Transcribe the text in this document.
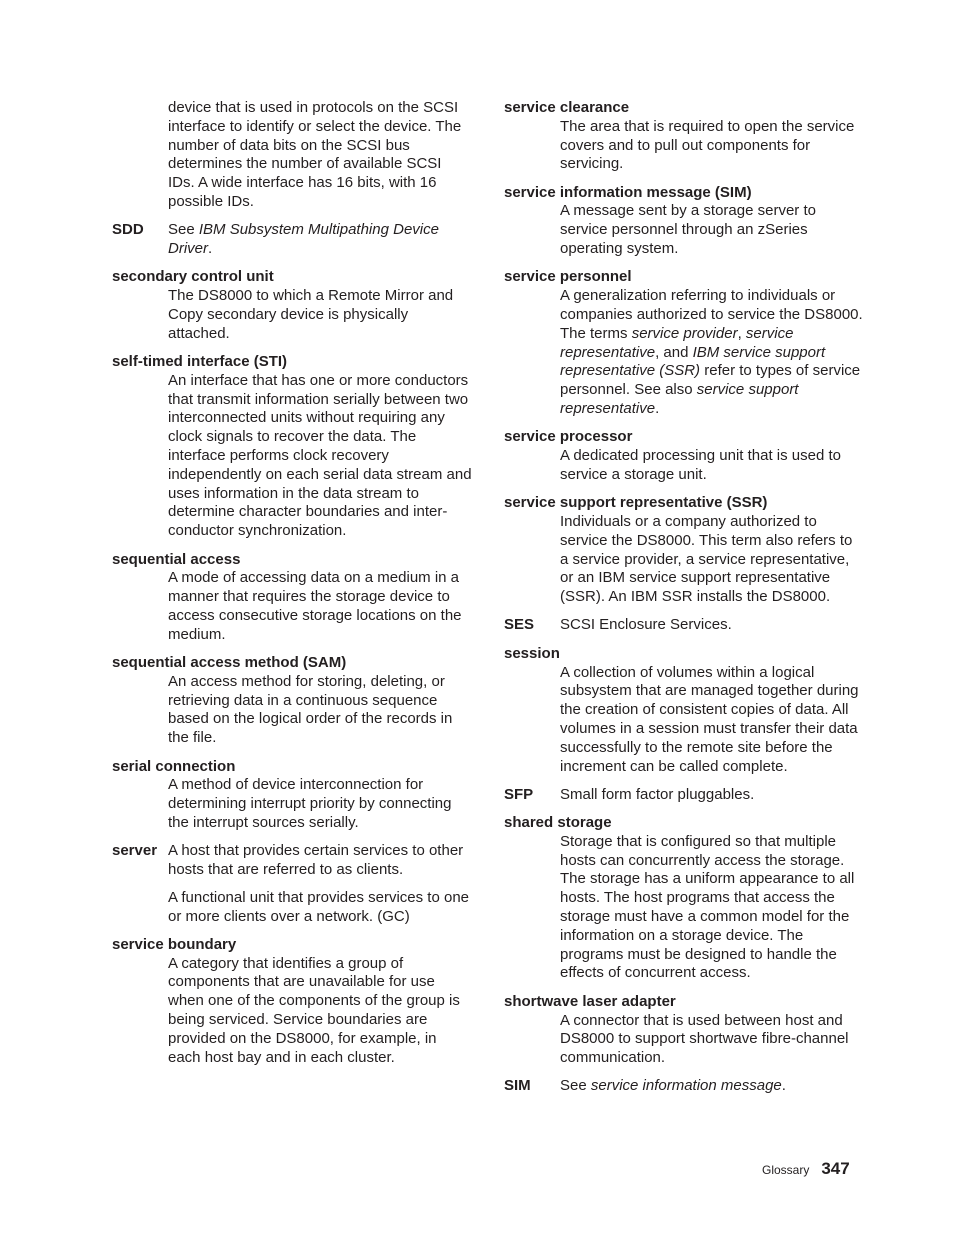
device that is used in protocols on the SCSI interface to identify or select the device. The number of data bits on the SCSI bus determines the number of available SCSI IDs. A wide interface has 16 bits, with 16 possible IDs.
SDD	See IBM Subsystem Multipathing Device Driver.
secondary control unit
The DS8000 to which a Remote Mirror and Copy secondary device is physically attached.
self-timed interface (STI)
An interface that has one or more conductors that transmit information serially between two interconnected units without requiring any clock signals to recover the data. The interface performs clock recovery independently on each serial data stream and uses information in the data stream to determine character boundaries and inter-conductor synchronization.
sequential access
A mode of accessing data on a medium in a manner that requires the storage device to access consecutive storage locations on the medium.
sequential access method (SAM)
An access method for storing, deleting, or retrieving data in a continuous sequence based on the logical order of the records in the file.
serial connection
A method of device interconnection for determining interrupt priority by connecting the interrupt sources serially.
server A host that provides certain services to other hosts that are referred to as clients.
A functional unit that provides services to one or more clients over a network. (GC)
service boundary
A category that identifies a group of components that are unavailable for use when one of the components of the group is being serviced. Service boundaries are provided on the DS8000, for example, in each host bay and in each cluster.
service clearance
The area that is required to open the service covers and to pull out components for servicing.
service information message (SIM)
A message sent by a storage server to service personnel through an zSeries operating system.
service personnel
A generalization referring to individuals or companies authorized to service the DS8000. The terms service provider, service representative, and IBM service support representative (SSR) refer to types of service personnel. See also service support representative.
service processor
A dedicated processing unit that is used to service a storage unit.
service support representative (SSR)
Individuals or a company authorized to service the DS8000. This term also refers to a service provider, a service representative, or an IBM service support representative (SSR). An IBM SSR installs the DS8000.
SES	SCSI Enclosure Services.
session
A collection of volumes within a logical subsystem that are managed together during the creation of consistent copies of data. All volumes in a session must transfer their data successfully to the remote site before the increment can be called complete.
SFP	Small form factor pluggables.
shared storage
Storage that is configured so that multiple hosts can concurrently access the storage. The storage has a uniform appearance to all hosts. The host programs that access the storage must have a common model for the information on a storage device. The programs must be designed to handle the effects of concurrent access.
shortwave laser adapter
A connector that is used between host and DS8000 to support shortwave fibre-channel communication.
SIM	See service information message.
Glossary 347
